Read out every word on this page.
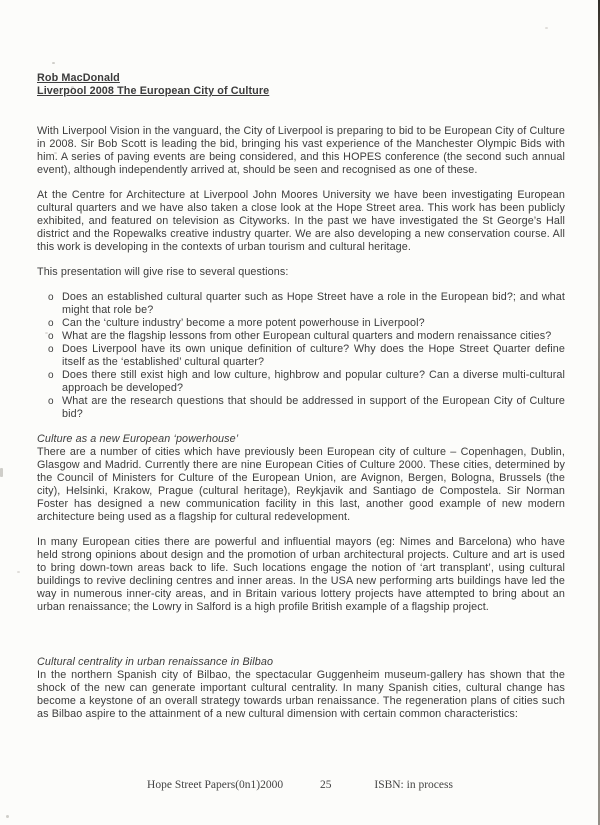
Rob MacDonald
Liverpool 2008 The European City of Culture

With Liverpool Vision in the vanguard, the City of Liverpool is preparing to bid to be European City of Culture in 2008. Sir Bob Scott is leading the bid, bringing his vast experience of the Manchester Olympic Bids with him. A series of paving events are being considered, and this HOPES conference (the second such annual event), although independently arrived at, should be seen and recognised as one of these.

At the Centre for Architecture at Liverpool John Moores University we have been investigating European cultural quarters and we have also taken a close look at the Hope Street area. This work has been publicly exhibited, and featured on television as Cityworks. In the past we have investigated the St George’s Hall district and the Ropewalks creative industry quarter. We are also developing a new conservation course. All this work is developing in the contexts of urban tourism and cultural heritage.

This presentation will give rise to several questions:

o Does an established cultural quarter such as Hope Street have a role in the European bid?; and what might that role be?
o Can the ‘culture industry’ become a more potent powerhouse in Liverpool?
o What are the flagship lessons from other European cultural quarters and modern renaissance cities?
o Does Liverpool have its own unique definition of culture? Why does the Hope Street Quarter define itself as the ‘established’ cultural quarter?
o Does there still exist high and low culture, highbrow and popular culture? Can a diverse multi-cultural approach be developed?
o What are the research questions that should be addressed in support of the European City of Culture bid?
Culture as a new European ‘powerhouse’

There are a number of cities which have previously been European city of culture – Copenhagen, Dublin, Glasgow and Madrid. Currently there are nine European Cities of Culture 2000. These cities, determined by the Council of Ministers for Culture of the European Union, are Avignon, Bergen, Bologna, Brussels (the city), Helsinki, Krakow, Prague (cultural heritage), Reykjavik and Santiago de Compostela. Sir Norman Foster has designed a new communication facility in this last, another good example of new modern architecture being used as a flagship for cultural redevelopment.

In many European cities there are powerful and influential mayors (eg: Nimes and Barcelona) who have held strong opinions about design and the promotion of urban architectural projects. Culture and art is used to bring down-town areas back to life. Such locations engage the notion of ‘art transplant’, using cultural buildings to revive declining centres and inner areas. In the USA new performing arts buildings have led the way in numerous inner-city areas, and in Britain various lottery projects have attempted to bring about an urban renaissance; the Lowry in Salford is a high profile British example of a flagship project.

Cultural centrality in urban renaissance in Bilbao

In the northern Spanish city of Bilbao, the spectacular Guggenheim museum-gallery has shown that the shock of the new can generate important cultural centrality. In many Spanish cities, cultural change has become a keystone of an overall strategy towards urban renaissance. The regeneration plans of cities such as Bilbao aspire to the attainment of a new cultural dimension with certain common characteristics:

Hope Street Papers(0n1)2000	25	ISBN: in process
